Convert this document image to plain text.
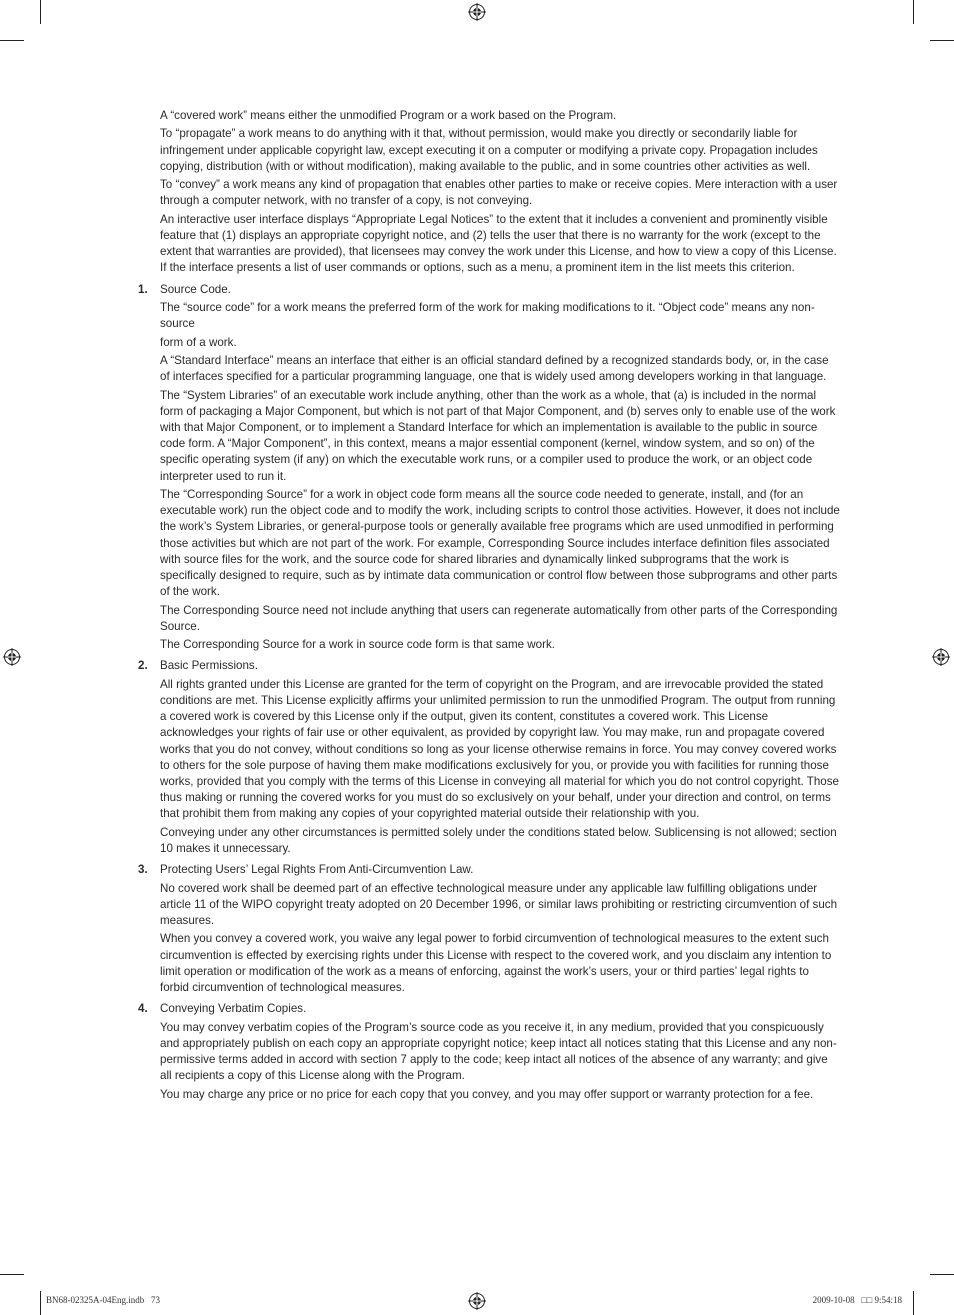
A “covered work” means either the unmodified Program or a work based on the Program.

To “propagate” a work means to do anything with it that, without permission, would make you directly or secondarily liable for infringement under applicable copyright law, except executing it on a computer or modifying a private copy. Propagation includes copying, distribution (with or without modification), making available to the public, and in some countries other activities as well.

To “convey” a work means any kind of propagation that enables other parties to make or receive copies. Mere interaction with a user through a computer network, with no transfer of a copy, is not conveying.

An interactive user interface displays “Appropriate Legal Notices” to the extent that it includes a convenient and prominently visible feature that (1) displays an appropriate copyright notice, and (2) tells the user that there is no warranty for the work (except to the extent that warranties are provided), that licensees may convey the work under this License, and how to view a copy of this License. If the interface presents a list of user commands or options, such as a menu, a prominent item in the list meets this criterion.

1. Source Code.

The “source code” for a work means the preferred form of the work for making modifications to it. “Object code” means any non-source

form of a work.

A “Standard Interface” means an interface that either is an official standard defined by a recognized standards body, or, in the case of interfaces specified for a particular programming language, one that is widely used among developers working in that language.

The “System Libraries” of an executable work include anything, other than the work as a whole, that (a) is included in the normal form of packaging a Major Component, but which is not part of that Major Component, and (b) serves only to enable use of the work with that Major Component, or to implement a Standard Interface for which an implementation is available to the public in source code form. A “Major Component”, in this context, means a major essential component (kernel, window system, and so on) of the specific operating system (if any) on which the executable work runs, or a compiler used to produce the work, or an object code interpreter used to run it.

The “Corresponding Source” for a work in object code form means all the source code needed to generate, install, and (for an executable work) run the object code and to modify the work, including scripts to control those activities. However, it does not include the work’s System Libraries, or general-purpose tools or generally available free programs which are used unmodified in performing those activities but which are not part of the work. For example, Corresponding Source includes interface definition files associated with source files for the work, and the source code for shared libraries and dynamically linked subprograms that the work is specifically designed to require, such as by intimate data communication or control flow between those subprograms and other parts of the work.

The Corresponding Source need not include anything that users can regenerate automatically from other parts of the Corresponding Source.

The Corresponding Source for a work in source code form is that same work.

2. Basic Permissions.

All rights granted under this License are granted for the term of copyright on the Program, and are irrevocable provided the stated conditions are met. This License explicitly affirms your unlimited permission to run the unmodified Program. The output from running a covered work is covered by this License only if the output, given its content, constitutes a covered work. This License acknowledges your rights of fair use or other equivalent, as provided by copyright law. You may make, run and propagate covered works that you do not convey, without conditions so long as your license otherwise remains in force. You may convey covered works to others for the sole purpose of having them make modifications exclusively for you, or provide you with facilities for running those works, provided that you comply with the terms of this License in conveying all material for which you do not control copyright. Those thus making or running the covered works for you must do so exclusively on your behalf, under your direction and control, on terms that prohibit them from making any copies of your copyrighted material outside their relationship with you.

Conveying under any other circumstances is permitted solely under the conditions stated below. Sublicensing is not allowed; section 10 makes it unnecessary.

3. Protecting Users’ Legal Rights From Anti-Circumvention Law.

No covered work shall be deemed part of an effective technological measure under any applicable law fulfilling obligations under article 11 of the WIPO copyright treaty adopted on 20 December 1996, or similar laws prohibiting or restricting circumvention of such measures.

When you convey a covered work, you waive any legal power to forbid circumvention of technological measures to the extent such circumvention is effected by exercising rights under this License with respect to the covered work, and you disclaim any intention to limit operation or modification of the work as a means of enforcing, against the work’s users, your or third parties’ legal rights to forbid circumvention of technological measures.

4. Conveying Verbatim Copies.

You may convey verbatim copies of the Program’s source code as you receive it, in any medium, provided that you conspicuously and appropriately publish on each copy an appropriate copyright notice; keep intact all notices stating that this License and any non-permissive terms added in accord with section 7 apply to the code; keep intact all notices of the absence of any warranty; and give all recipients a copy of this License along with the Program.

You may charge any price or no price for each copy that you convey, and you may offer support or warranty protection for a fee.

BN68-02325A-04Eng.indb   73	2009-10-08   □□ 9:54:18
